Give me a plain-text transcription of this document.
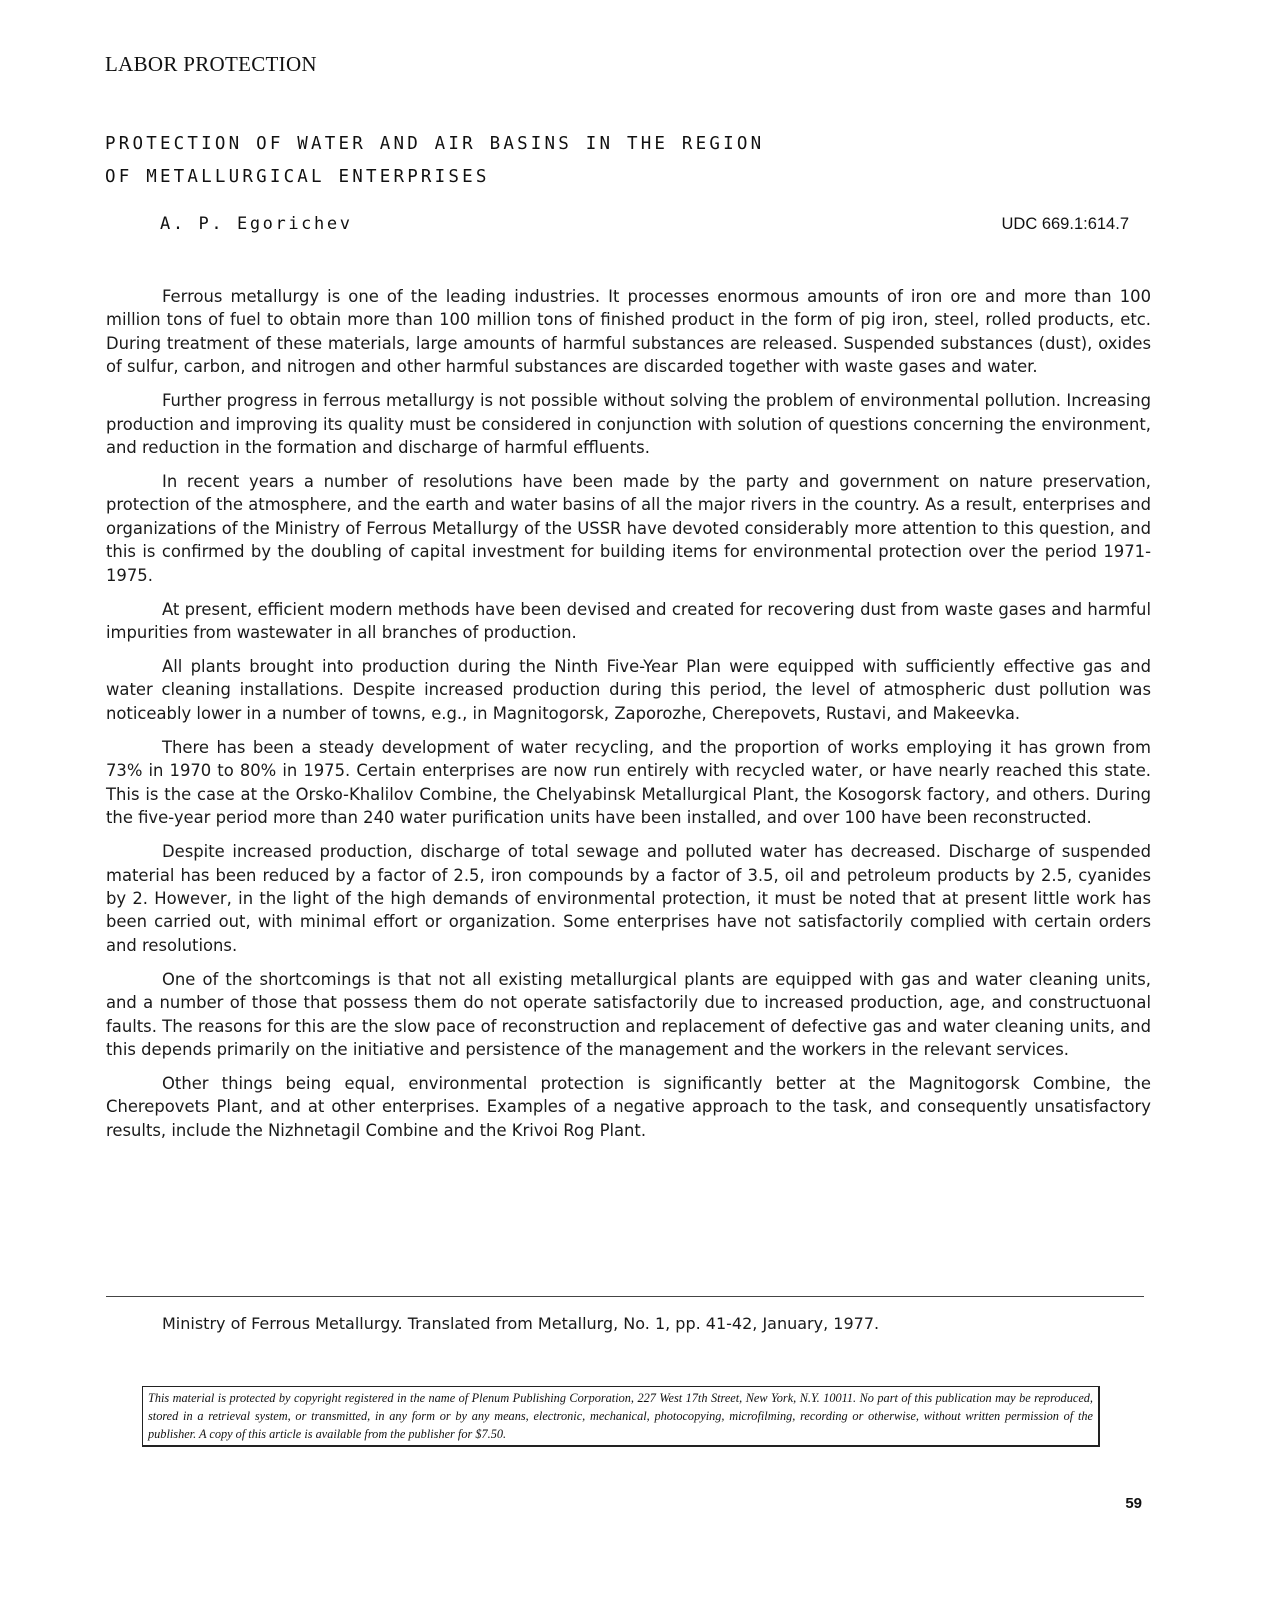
LABOR PROTECTION
PROTECTION OF WATER AND AIR BASINS IN THE REGION
OF METALLURGICAL ENTERPRISES
A. P. Egorichev	UDC 669.1:614.7

Ferrous metallurgy is one of the leading industries. It processes enormous amounts of iron ore and more than 100 million tons of fuel to obtain more than 100 million tons of finished product in the form of pig iron, steel, rolled products, etc. During treatment of these materials, large amounts of harmful substances are released. Suspended substances (dust), oxides of sulfur, carbon, and nitrogen and other harmful substances are discarded together with waste gases and water.

Further progress in ferrous metallurgy is not possible without solving the problem of environmental pollution. Increasing production and improving its quality must be considered in conjunction with solution of questions concerning the environment, and reduction in the formation and discharge of harmful effluents.

In recent years a number of resolutions have been made by the party and government on nature preservation, protection of the atmosphere, and the earth and water basins of all the major rivers in the country. As a result, enterprises and organizations of the Ministry of Ferrous Metallurgy of the USSR have devoted considerably more attention to this question, and this is confirmed by the doubling of capital investment for building items for environmental protection over the period 1971-1975.

At present, efficient modern methods have been devised and created for recovering dust from waste gases and harmful impurities from wastewater in all branches of production.

All plants brought into production during the Ninth Five-Year Plan were equipped with sufficiently effective gas and water cleaning installations. Despite increased production during this period, the level of atmospheric dust pollution was noticeably lower in a number of towns, e.g., in Magnitogorsk, Zaporozhe, Cherepovets, Rustavi, and Makeevka.

There has been a steady development of water recycling, and the proportion of works employing it has grown from 73% in 1970 to 80% in 1975. Certain enterprises are now run entirely with recycled water, or have nearly reached this state. This is the case at the Orsko-Khalilov Combine, the Chelyabinsk Metallurgical Plant, the Kosogorsk factory, and others. During the five-year period more than 240 water purification units have been installed, and over 100 have been reconstructed.

Despite increased production, discharge of total sewage and polluted water has decreased. Discharge of suspended material has been reduced by a factor of 2.5, iron compounds by a factor of 3.5, oil and petroleum products by 2.5, cyanides by 2. However, in the light of the high demands of environmental protection, it must be noted that at present little work has been carried out, with minimal effort or organization. Some enterprises have not satisfactorily complied with certain orders and resolutions.

One of the shortcomings is that not all existing metallurgical plants are equipped with gas and water cleaning units, and a number of those that possess them do not operate satisfactorily due to increased production, age, and constructuonal faults. The reasons for this are the slow pace of reconstruction and replacement of defective gas and water cleaning units, and this depends primarily on the initiative and persistence of the management and the workers in the relevant services.

Other things being equal, environmental protection is significantly better at the Magnitogorsk Combine, the Cherepovets Plant, and at other enterprises. Examples of a negative approach to the task, and consequently unsatisfactory results, include the Nizhnetagil Combine and the Krivoi Rog Plant.

Ministry of Ferrous Metallurgy. Translated from Metallurg, No. 1, pp. 41-42, January, 1977.
This material is protected by copyright registered in the name of Plenum Publishing Corporation, 227 West 17th Street, New York, N.Y. 10011. No part of this publication may be reproduced, stored in a retrieval system, or transmitted, in any form or by any means, electronic, mechanical, photocopying, microfilming, recording or otherwise, without written permission of the publisher. A copy of this article is available from the publisher for $7.50.
59
